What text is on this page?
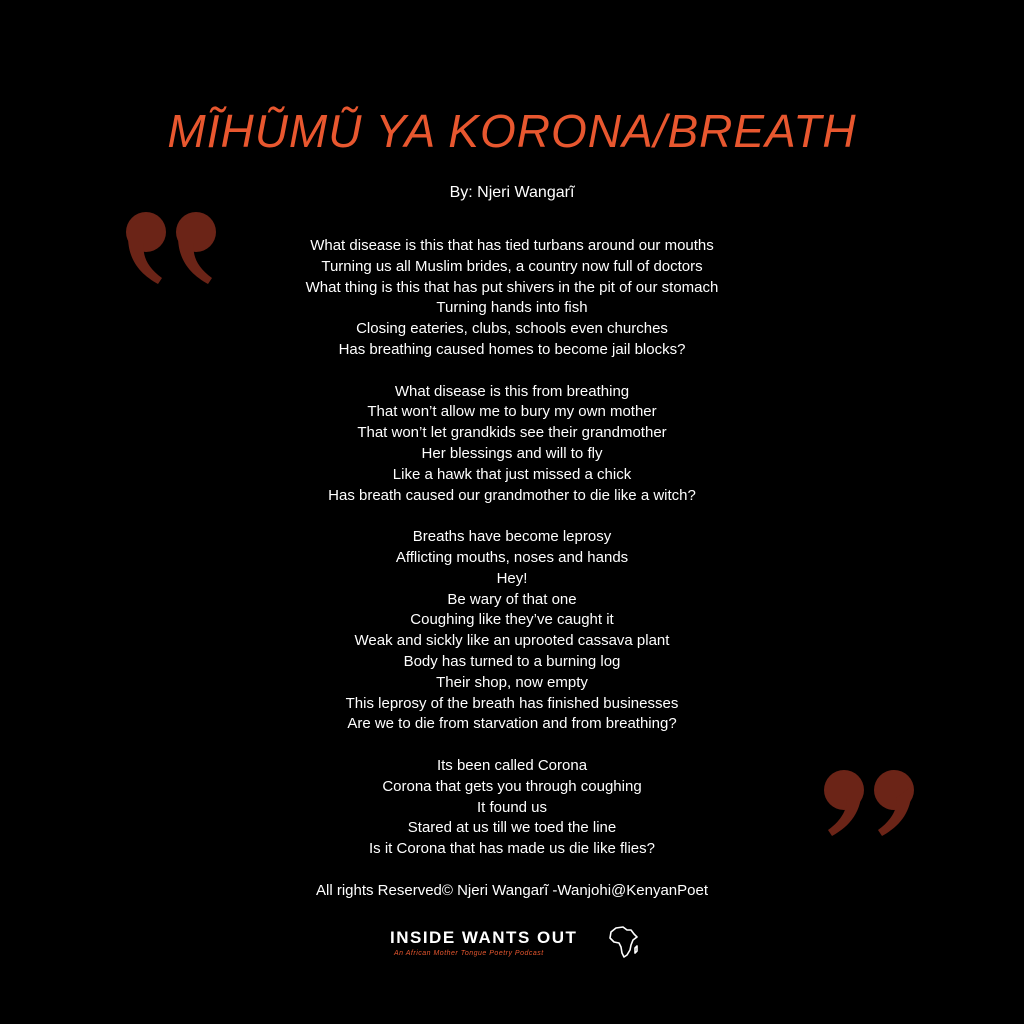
MĨHŨMŨ YA KORONA/BREATH
By: Njeri Wangarĩ
What disease is this that has tied turbans around our mouths
Turning us all Muslim brides, a country now full of doctors
What thing is this that has put shivers in the pit of our stomach
Turning hands into fish
Closing eateries, clubs, schools even churches
Has breathing caused homes to become jail blocks?
What disease is this from breathing
That won’t allow me to bury my own mother
That won’t let grandkids see their grandmother
Her blessings and will to fly
Like a hawk that just missed a chick
Has breath caused our grandmother to die like a witch?
Breaths have become leprosy
Afflicting mouths, noses and hands
Hey!
Be wary of that one
Coughing like they’ve caught it
Weak and sickly like an uprooted cassava plant
Body has turned to a burning log
Their shop, now empty
This leprosy of the breath has finished businesses
Are we to die from starvation and from breathing?
Its been called Corona
Corona that gets you through coughing
It found us
Stared at us till we toed the line
Is it Corona that has made us die like flies?
All rights Reserved© Njeri Wangarĩ -Wanjohi@KenyanPoet
INSIDE WANTS OUT
An African Mother Tongue Poetry Podcast
